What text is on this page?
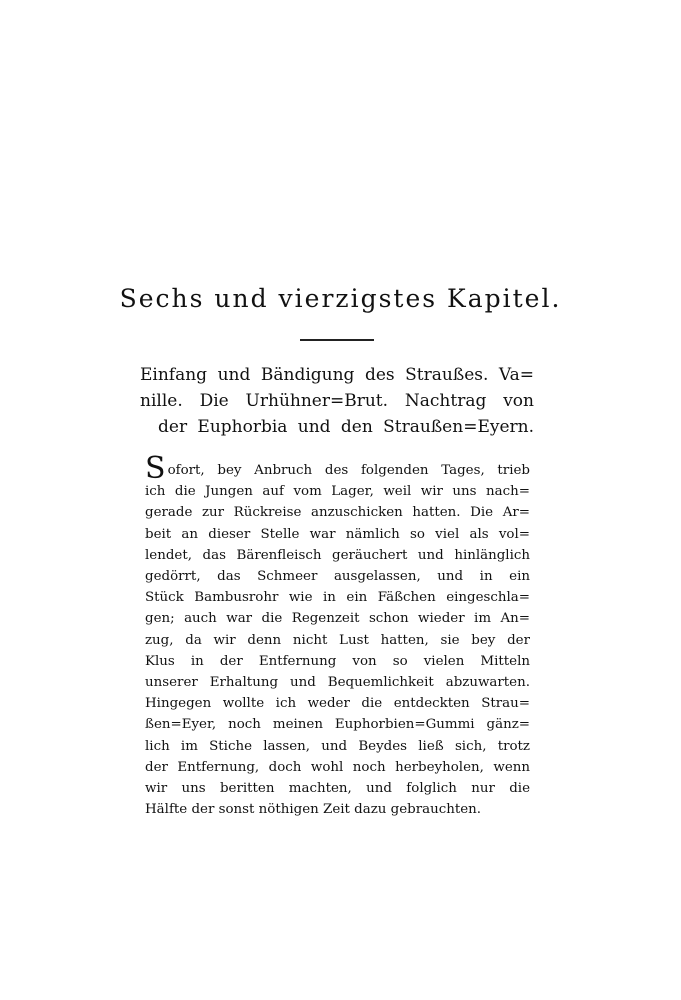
Sechs und vierzigstes Kapitel.
Einfang und Bändigung des Straußes. Va=
nille. Die Urhühner=Brut. Nachtrag von
der Euphorbia und den Straußen=Eyern.
S ofort, bey Anbruch des folgenden Tages, trieb
ich die Jungen auf vom Lager, weil wir uns nach=
gerade zur Rückreise anzuschicken hatten. Die Ar=
beit an dieser Stelle war nämlich so viel als vol=
lendet, das Bärenfleisch geräuchert und hinlänglich
gedörrt, das Schmeer ausgelassen, und in ein
Stück Bambusrohr wie in ein Fäßchen eingeschla=
gen; auch war die Regenzeit schon wieder im An=
zug, da wir denn nicht Lust hatten, sie bey der
Klus in der Entfernung von so vielen Mitteln
unserer Erhaltung und Bequemlichkeit abzuwarten.
Hingegen wollte ich weder die entdeckten Strau=
ßen=Eyer, noch meinen Euphorbien=Gummi gänz=
lich im Stiche lassen, und Beydes ließ sich, trotz
der Entfernung, doch wohl noch herbeyholen, wenn
wir uns beritten machten, und folglich nur die
Hälfte der sonst nöthigen Zeit dazu gebrauchten.
